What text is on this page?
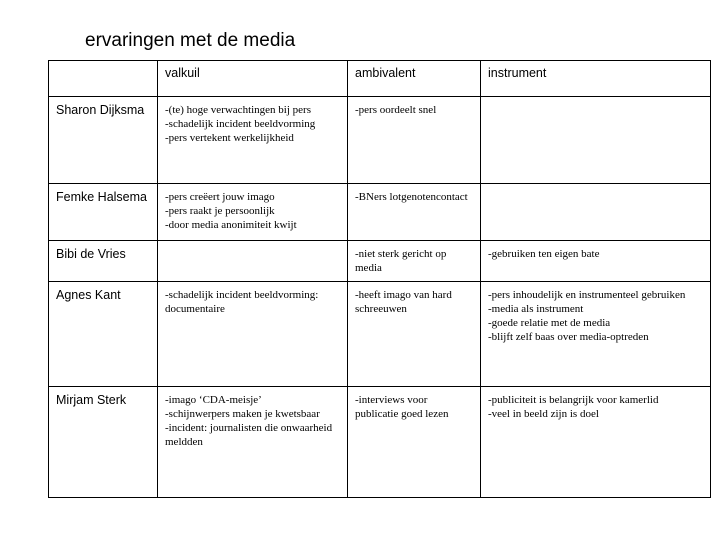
ervaringen met de media
	valkuil	ambivalent	instrument
Sharon Dijksma	-(te) hoge verwachtingen bij pers
-schadelijk incident beeldvorming
-pers vertekent werkelijkheid	-pers oordeelt snel	

Femke Halsema	-pers creëert jouw imago
-pers raakt je persoonlijk
-door media anonimiteit kwijt	-BNers lotgenotencontact	

Bibi de Vries		-niet sterk gericht op media	-gebruiken ten eigen bate

Agnes Kant	-schadelijk incident beeldvorming: documentaire	-heeft imago van hard schreeuwen	-pers inhoudelijk en instrumenteel gebruiken
-media als instrument
-goede relatie met de media
-blijft zelf baas over media-optreden

Mirjam Sterk	-imago ‘CDA-meisje’
-schijnwerpers maken je kwetsbaar
-incident: journalisten die onwaarheid meldden	-interviews voor publicatie goed lezen	-publiciteit is belangrijk voor kamerlid
-veel in beeld zijn is doel
